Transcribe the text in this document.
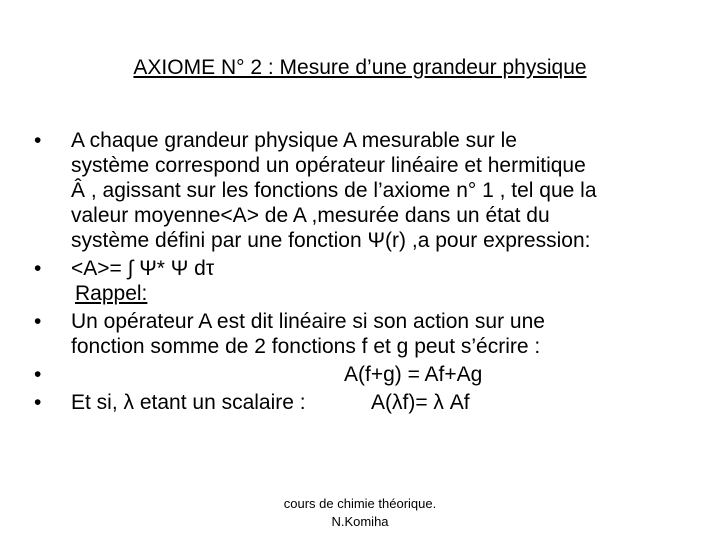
AXIOME N° 2 : Mesure d’une grandeur physique
• A chaque grandeur physique A mesurable sur le
système correspond un opérateur linéaire et hermitique
Â , agissant sur les fonctions de l’axiome n° 1 , tel que la
valeur moyenne<A> de A ,mesurée dans un état du
système défini par une fonction Ψ(r) ,a pour expression:
• <A>= ∫ Ψ* Ψ dτ
Rappel:
• Un opérateur A est dit linéaire si son action sur une
fonction somme de 2 fonctions f et g peut s’écrire :
•	A(f+g) = Af+Ag
• Et si, λ etant un scalaire :	A(λf)= λ Af
cours de chimie théorique.
N.Komiha
